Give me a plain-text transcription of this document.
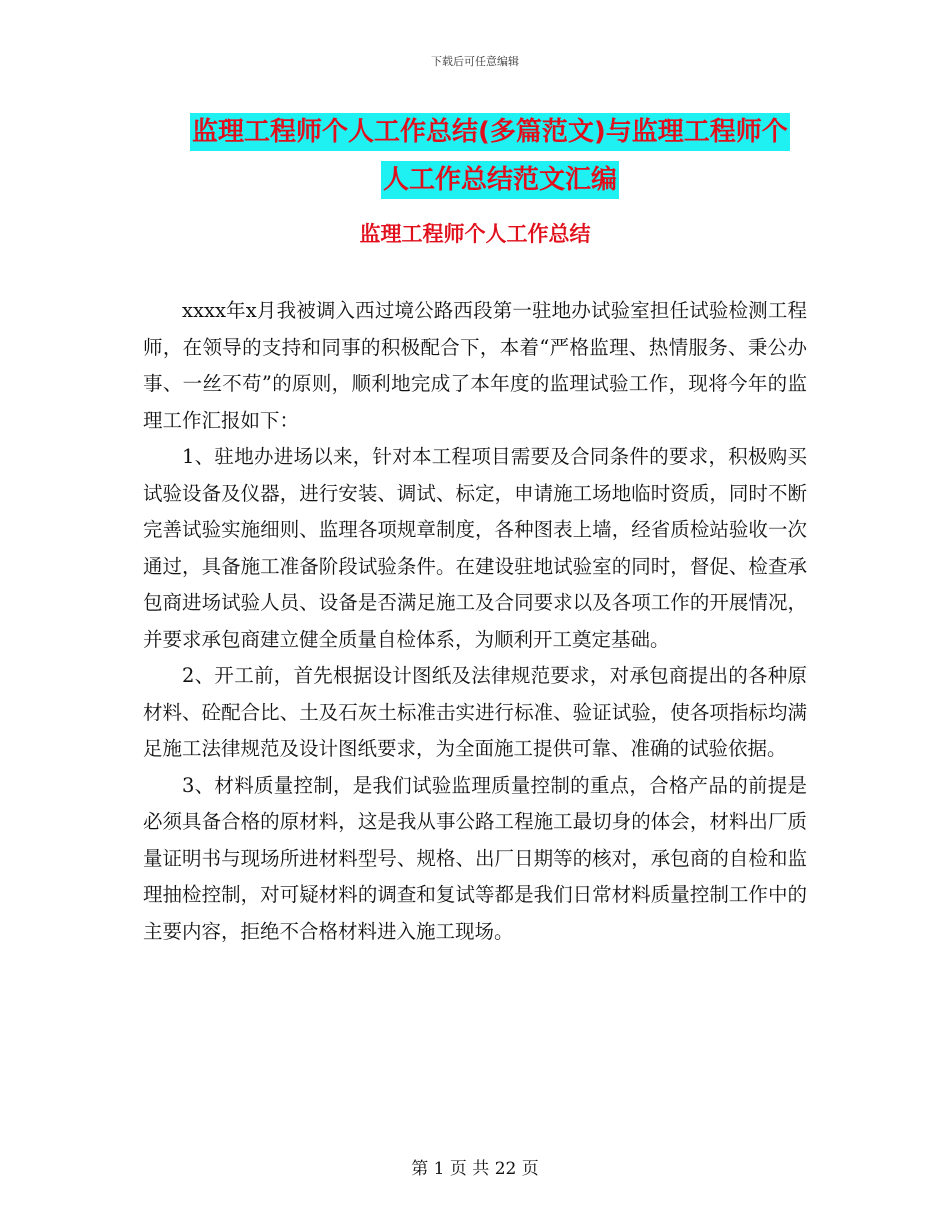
下载后可任意编辑
监理工程师个人工作总结(多篇范文)与监理工程师个
人工作总结范文汇编
监理工程师个人工作总结

xxxx年x月我被调入西过境公路西段第一驻地办试验室担任试验检测工程师，在领导的支持和同事的积极配合下，本着“严格监理、热情服务、秉公办事、一丝不苟”的原则，顺利地完成了本年度的监理试验工作，现将今年的监理工作汇报如下：

1、驻地办进场以来，针对本工程项目需要及合同条件的要求，积极购买试验设备及仪器，进行安装、调试、标定，申请施工场地临时资质，同时不断完善试验实施细则、监理各项规章制度，各种图表上墙，经省质检站验收一次通过，具备施工准备阶段试验条件。在建设驻地试验室的同时，督促、检查承包商进场试验人员、设备是否满足施工及合同要求以及各项工作的开展情况，并要求承包商建立健全质量自检体系，为顺利开工奠定基础。

2、开工前，首先根据设计图纸及法律规范要求，对承包商提出的各种原材料、砼配合比、土及石灰土标准击实进行标准、验证试验，使各项指标均满足施工法律规范及设计图纸要求，为全面施工提供可靠、准确的试验依据。

3、材料质量控制，是我们试验监理质量控制的重点，合格产品的前提是必须具备合格的原材料，这是我从事公路工程施工最切身的体会，材料出厂质量证明书与现场所进材料型号、规格、出厂日期等的核对，承包商的自检和监理抽检控制，对可疑材料的调查和复试等都是我们日常材料质量控制工作中的主要内容，拒绝不合格材料进入施工现场。

第 1 页 共 22 页
